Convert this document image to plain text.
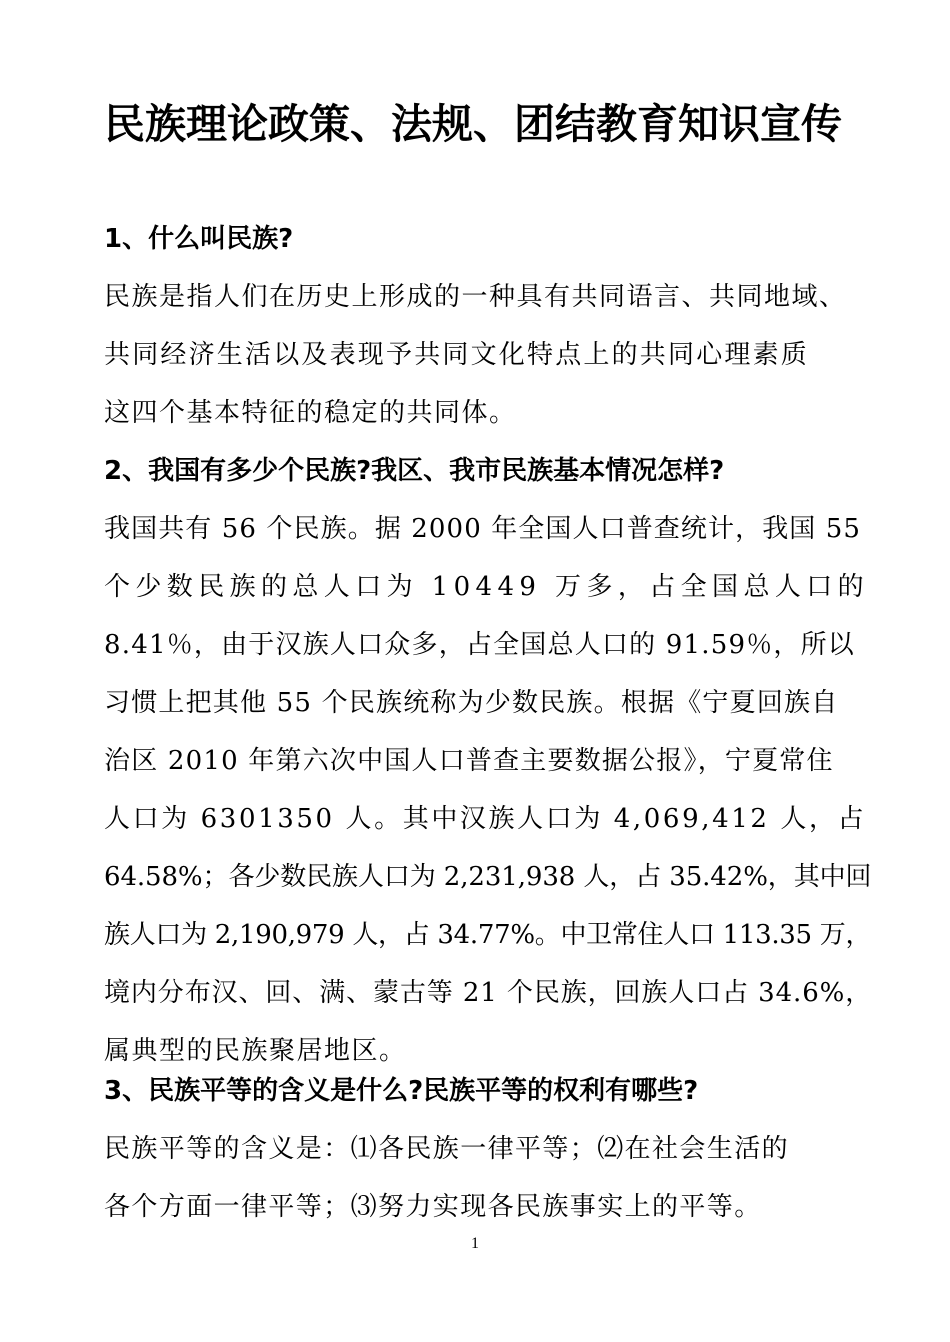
民族理论政策、法规、团结教育知识宣传
1、什么叫民族?
民族是指人们在历史上形成的一种具有共同语言、共同地域、
共同经济生活以及表现予共同文化特点上的共同心理素质
这四个基本特征的稳定的共同体。
2、我国有多少个民族?我区、我市民族基本情况怎样?
我国共有 56 个民族。据 2000 年全国人口普查统计，我国 55
个少数民族的总人口为 10449 万多，占全国总人口的
8.41％，由于汉族人口众多，占全国总人口的 91.59％，所以
习惯上把其他 55 个民族统称为少数民族。根据《宁夏回族自
治区 2010 年第六次中国人口普查主要数据公报》，宁夏常住
人口为 6301350 人。其中汉族人口为 4,069,412 人，占
64.58%；各少数民族人口为 2,231,938 人，占 35.42%，其中回
族人口为 2,190,979 人，占 34.77%。中卫常住人口 113.35 万，
境内分布汉、回、满、蒙古等 21 个民族，回族人口占 34.6%，
属典型的民族聚居地区。
3、民族平等的含义是什么?民族平等的权利有哪些?
民族平等的含义是：⑴各民族一律平等；⑵在社会生活的
各个方面一律平等；⑶努力实现各民族事实上的平等。
1
